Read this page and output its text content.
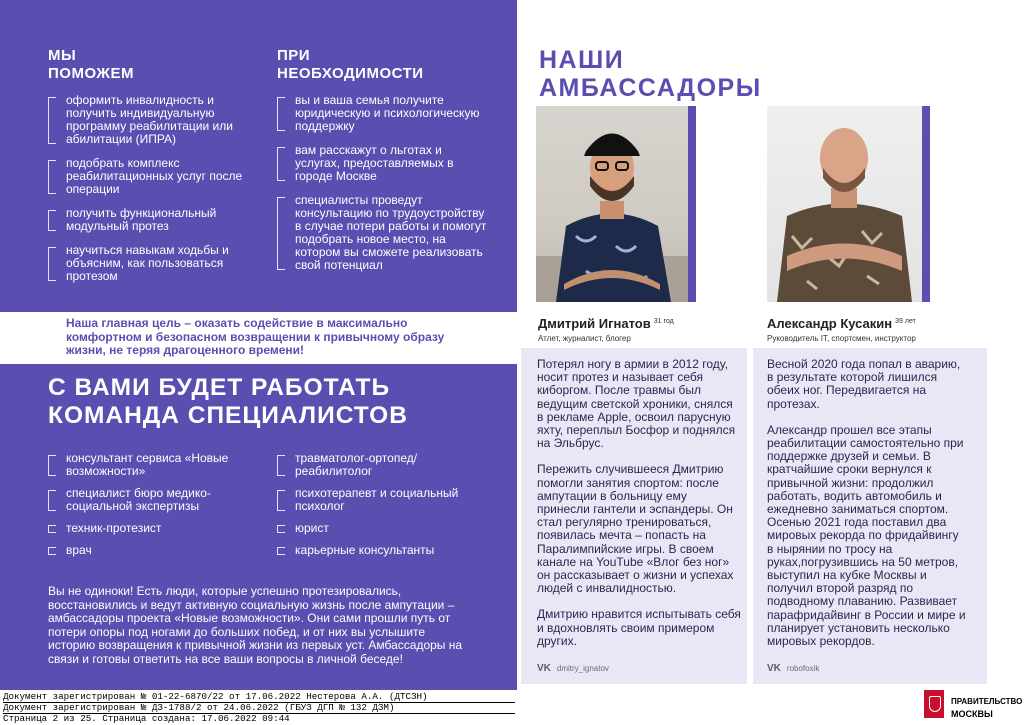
МЫ
ПОМОЖЕМ
оформить инвалидность и получить индивидуальную программу реабилитации или абилитации (ИПРА)
подобрать комплекс реабилитационных услуг после операции
получить функциональный модульный протез
научиться навыкам ходьбы и объясним, как пользоваться протезом
ПРИ
НЕОБХОДИМОСТИ
вы и ваша семья получите юридическую и психологическую поддержку
вам расскажут о льготах и услугах, предоставляемых в городе Москве
специалисты проведут консультацию по трудоустройству в случае потери работы и помогут подобрать новое место, на котором вы сможете реализовать свой потенциал
Наша главная цель – оказать содействие в максимально комфортном и безопасном возвращении к привычному образу жизни, не теряя драгоценного времени!
С ВАМИ БУДЕТ РАБОТАТЬ
КОМАНДА СПЕЦИАЛИСТОВ
консультант сервиса «Новые возможности»
специалист бюро медико-социальной экспертизы
техник-протезист
врач
травматолог-ортопед/ реабилитолог
психотерапевт и социальный психолог
юрист
карьерные консультанты
Вы не одиноки! Есть люди, которые успешно протезировались, восстановились и ведут активную социальную жизнь после ампутации – амбассадоры проекта «Новые возможности». Они сами прошли путь от потери опоры под ногами до больших побед, и от них вы услышите историю возвращения к привычной жизни из первых уст. Амбассадоры на связи и готовы ответить на все ваши вопросы в личной беседе!
НАШИ
АМБАССАДОРЫ
Дмитрий Игнатов $^{31 год}$
Атлет, журналист, блогер
Александр Кусакин $^{39 лет}$
Руководитель IT, спортсмен, инструктор

Потерял ногу в армии в 2012 году, носит протез и называет себя киборгом. После травмы был ведущим светской хроники, снялся в рекламе Apple, освоил парусную яхту, переплыл Босфор и поднялся на Эльбрус.

Пережить случившееся Дмитрию помогли занятия спортом: после ампутации в больницу ему принесли гантели и эспандеры. Он стал регулярно тренироваться, появилась мечта – попасть на Паралимпийские игры. В своем канале на YouTube «Влог без ног» он рассказывает о жизни и успехах людей с инвалидностью.

Дмитрию нравится испытывать себя и вдохновлять своим примером других.

Весной 2020 года попал в аварию, в результате которой лишился обеих ног. Передвигается на протезах.

Александр прошел все этапы реабилитации самостоятельно при поддержке друзей и семьи. В кратчайшие сроки вернулся к привычной жизни: продолжил работать, водить автомобиль и ежедневно заниматься спортом. Осенью 2021 года поставил два мировых рекорда по фридайвингу в нырянии по тросу на руках,погрузившись на 50 метров, выступил на кубке Москвы и получил второй разряд по подводному плаванию. Развивает парафридайвинг в России и мире и планирует установить несколько мировых рекордов.

VK dmitry_ignatov	VK robofoxik
Документ зарегистрирован № 01-22-6870/22 от 17.06.2022 Нестерова А.А. (ДТСЗН)
Документ зарегистрирован № ДЗ-1788/2 от 24.06.2022 (ГБУЗ ДГП № 132 ДЗМ)
Страница 2 из 25. Страница создана: 17.06.2022 09:44
ПРАВИТЕЛЬСТВО
МОСКВЫ
